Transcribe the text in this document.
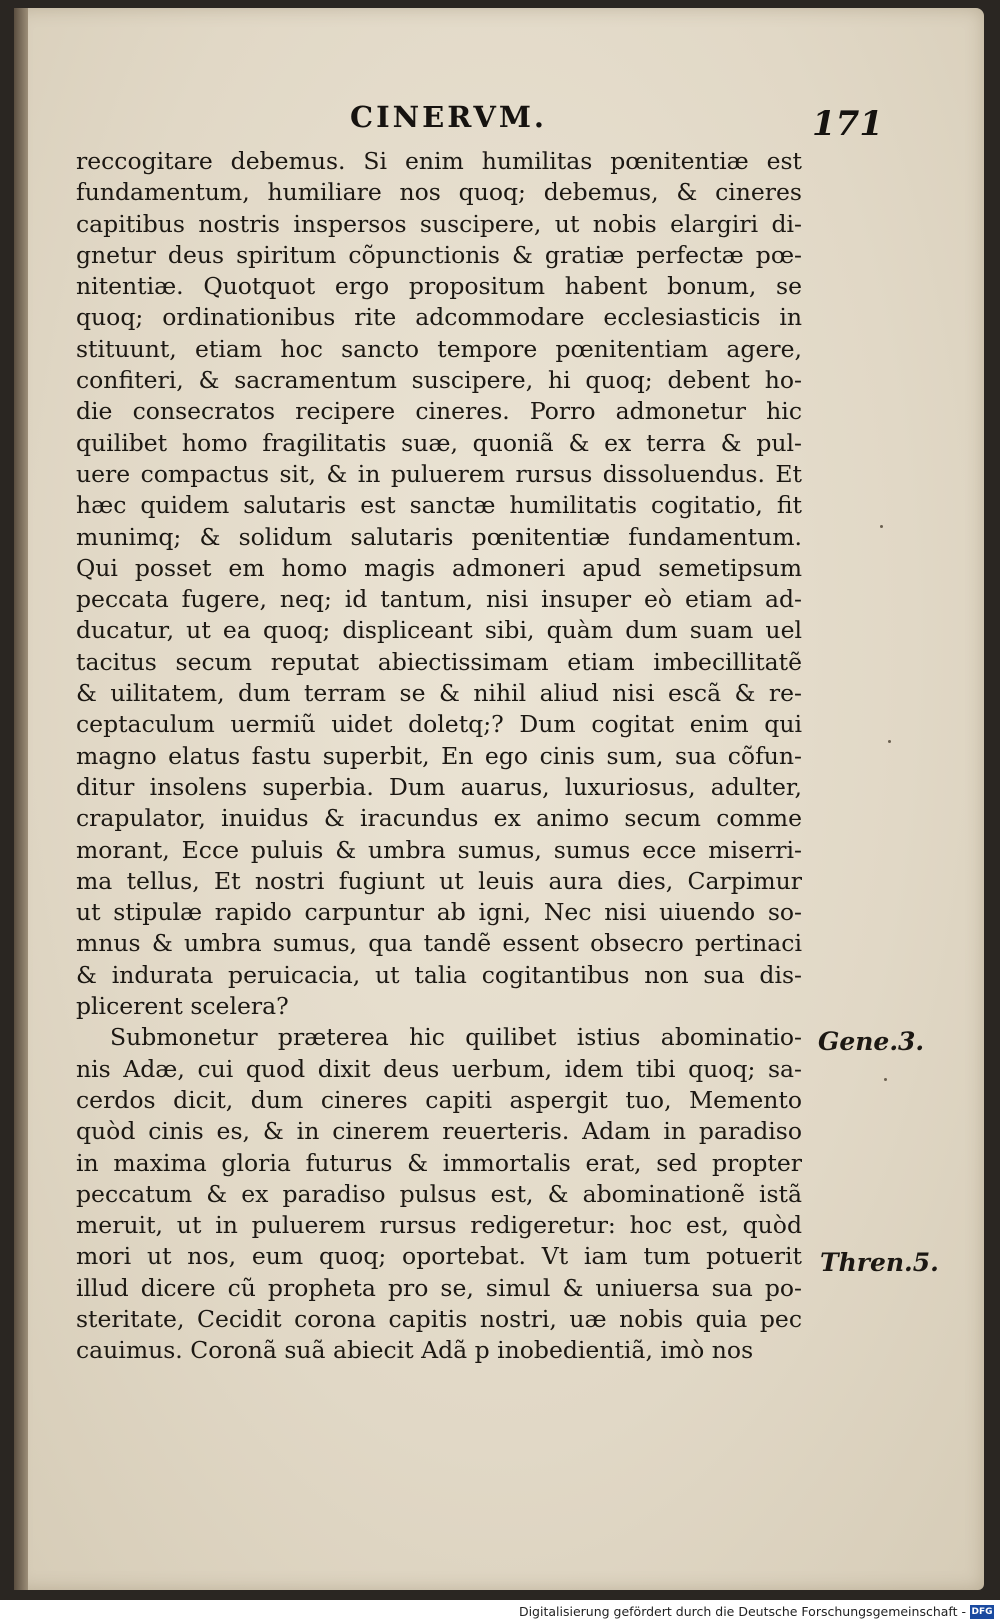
CINERVM.	171
reccogitare debemus. Si enim humilitas pœnitentiæ est
fundamentum, humiliare nos quoq; debemus, & cineres
capitibus nostris inspersos suscipere, ut nobis elargiri di-
gnetur deus spiritum cõpunctionis & gratiæ perfectæ pœ-
nitentiæ. Quotquot ergo propositum habent bonum, se
quoq; ordinationibus rite adcommodare ecclesiasticis in
stituunt, etiam hoc sancto tempore pœnitentiam agere,
confiteri, & sacramentum suscipere, hi quoq; debent ho-
die consecratos recipere cineres. Porro admonetur hic
quilibet homo fragilitatis suæ, quoniã & ex terra & pul-
uere compactus sit, & in puluerem rursus dissoluendus. Et
hæc quidem salutaris est sanctæ humilitatis cogitatio, fit
munimq; & solidum salutaris pœnitentiæ fundamentum.
Qui posset em homo magis admoneri apud semetipsum
peccata fugere, neq; id tantum, nisi insuper eò etiam ad-
ducatur, ut ea quoq; displiceant sibi, quàm dum suam uel
tacitus secum reputat abiectissimam etiam imbecillitatẽ
& uilitatem, dum terram se & nihil aliud nisi escã & re-
ceptaculum uermiũ uidet doletq;? Dum cogitat enim qui
magno elatus fastu superbit, En ego cinis sum, sua cõfun-
ditur insolens superbia. Dum auarus, luxuriosus, adulter,
crapulator, inuidus & iracundus ex animo secum comme
morant, Ecce puluis & umbra sumus, sumus ecce miserri-
ma tellus, Et nostri fugiunt ut leuis aura dies, Carpimur
ut stipulæ rapido carpuntur ab igni, Nec nisi uiuendo so-
mnus & umbra sumus, qua tandẽ essent obsecro pertinaci
& indurata peruicacia, ut talia cogitantibus non sua dis-
plicerent scelera?
Submonetur præterea hic quilibet istius abominatio-
nis Adæ, cui quod dixit deus uerbum, idem tibi quoq; sa-
cerdos dicit, dum cineres capiti aspergit tuo, Memento
quòd cinis es, & in cinerem reuerteris. Adam in paradiso
in maxima gloria futurus & immortalis erat, sed propter
peccatum & ex paradiso pulsus est, & abominationẽ istã
meruit, ut in puluerem rursus redigeretur: hoc est, quòd
mori ut nos, eum quoq; oportebat. Vt iam tum potuerit
illud dicere cũ propheta pro se, simul & uniuersa sua po-
steritate, Cecidit corona capitis nostri, uæ nobis quia pec
cauimus. Coronã suã abiecit Adã p inobedientiã, imò nos
Gene.3.
Thren.5.
Digitalisierung gefördert durch die Deutsche Forschungsgemeinschaft - DFG
